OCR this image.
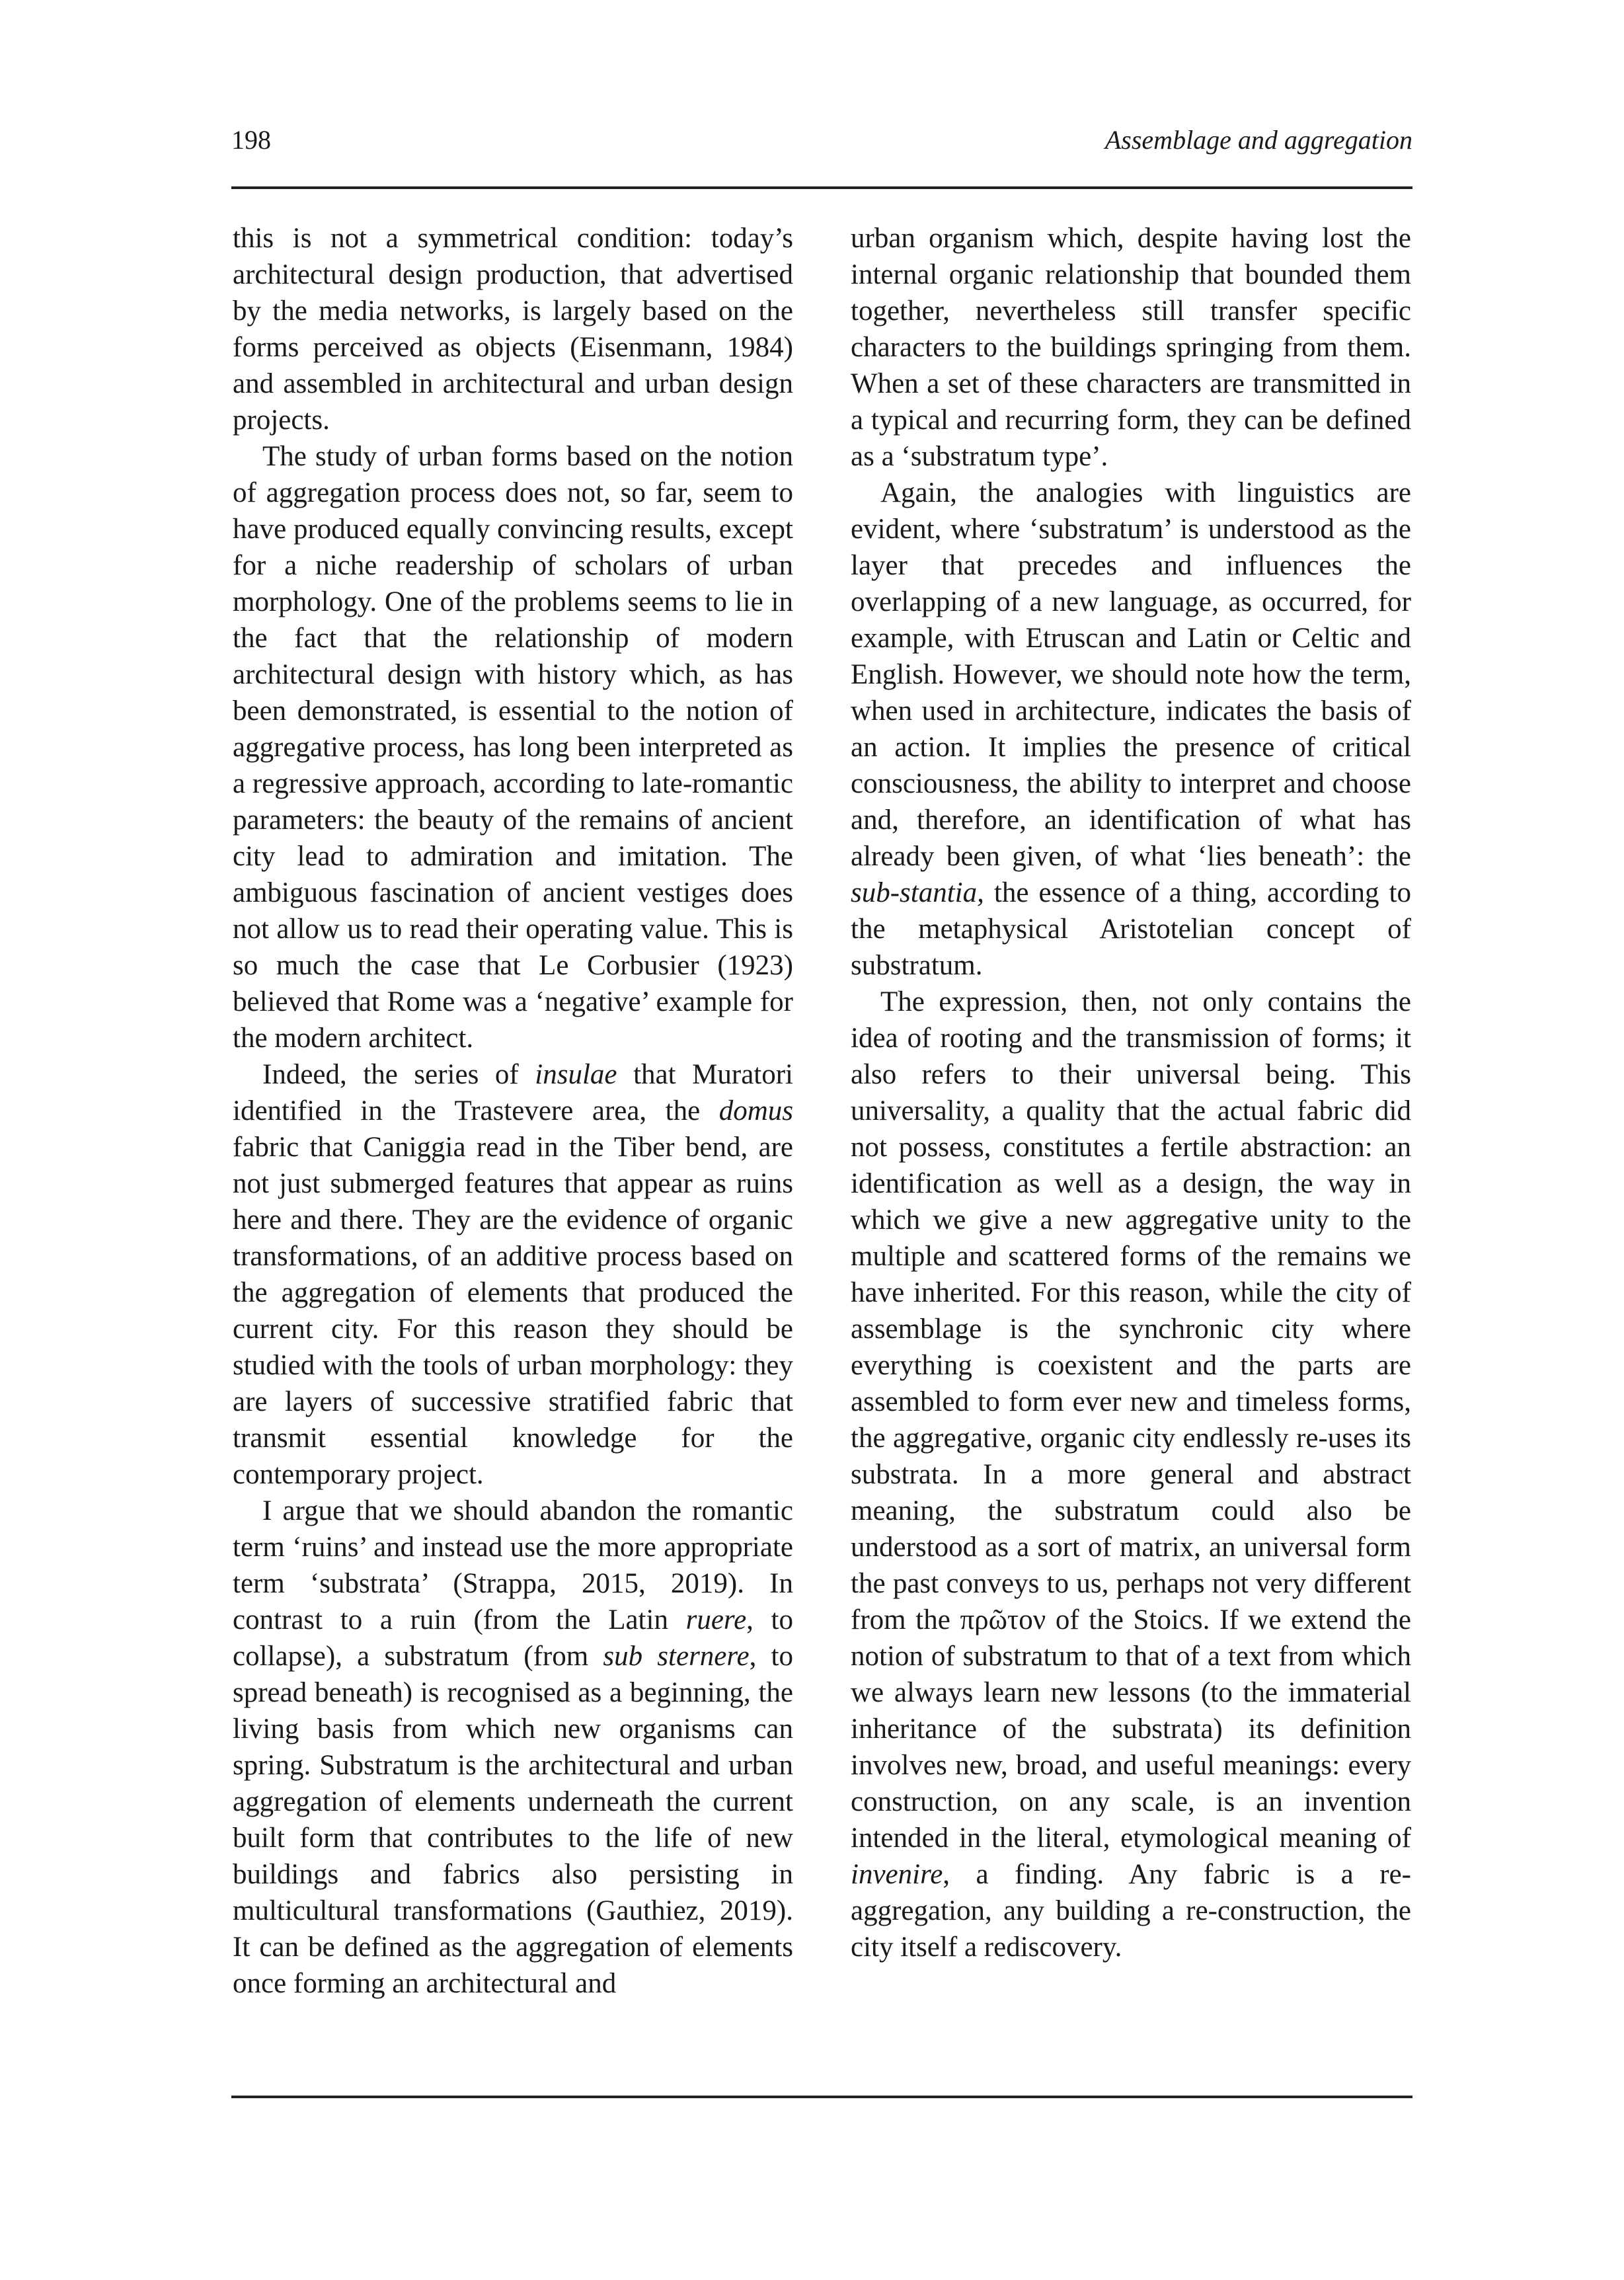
198	Assemblage and aggregation

this is not a symmetrical condition: today’s architectural design production, that advertised by the media networks, is largely based on the forms perceived as objects (Eisenmann, 1984) and assembled in architectural and urban design projects.

The study of urban forms based on the notion of aggregation process does not, so far, seem to have produced equally convincing results, except for a niche readership of scholars of urban morphology. One of the problems seems to lie in the fact that the relationship of modern architectural design with history which, as has been demonstrated, is essential to the notion of aggregative process, has long been interpreted as a regressive approach, according to late-romantic parameters: the beauty of the remains of ancient city lead to admiration and imitation. The ambiguous fascination of ancient vestiges does not allow us to read their operating value. This is so much the case that Le Corbusier (1923) believed that Rome was a ‘negative’ example for the modern architect.

Indeed, the series of insulae that Muratori identified in the Trastevere area, the domus fabric that Caniggia read in the Tiber bend, are not just submerged features that appear as ruins here and there. They are the evidence of organic transformations, of an additive process based on the aggregation of elements that produced the current city. For this reason they should be studied with the tools of urban morphology: they are layers of successive stratified fabric that transmit essential knowledge for the contemporary project.

I argue that we should abandon the romantic term ‘ruins’ and instead use the more appropriate term ‘substrata’ (Strappa, 2015, 2019). In contrast to a ruin (from the Latin ruere, to collapse), a substratum (from sub sternere, to spread beneath) is recognised as a beginning, the living basis from which new organisms can spring. Substratum is the architectural and urban aggregation of elements underneath the current built form that contributes to the life of new buildings and fabrics also persisting in multicultural transformations (Gauthiez, 2019). It can be defined as the aggregation of elements once forming an architectural and

urban organism which, despite having lost the internal organic relationship that bounded them together, nevertheless still transfer specific characters to the buildings springing from them. When a set of these characters are transmitted in a typical and recurring form, they can be defined as a ‘substratum type’.

Again, the analogies with linguistics are evident, where ‘substratum’ is understood as the layer that precedes and influences the overlapping of a new language, as occurred, for example, with Etruscan and Latin or Celtic and English. However, we should note how the term, when used in architecture, indicates the basis of an action. It implies the presence of critical consciousness, the ability to interpret and choose and, therefore, an identification of what has already been given, of what ‘lies beneath’: the sub-stantia, the essence of a thing, according to the metaphysical Aristotelian concept of substratum.

The expression, then, not only contains the idea of rooting and the transmission of forms; it also refers to their universal being. This universality, a quality that the actual fabric did not possess, constitutes a fertile abstraction: an identification as well as a design, the way in which we give a new aggregative unity to the multiple and scattered forms of the remains we have inherited. For this reason, while the city of assemblage is the synchronic city where everything is coexistent and the parts are assembled to form ever new and timeless forms, the aggregative, organic city endlessly re-uses its substrata. In a more general and abstract meaning, the substratum could also be understood as a sort of matrix, an universal form the past conveys to us, perhaps not very different from the πρῶτον of the Stoics. If we extend the notion of substratum to that of a text from which we always learn new lessons (to the immaterial inheritance of the substrata) its definition involves new, broad, and useful meanings: every construction, on any scale, is an invention intended in the literal, etymological meaning of invenire, a finding. Any fabric is a re-aggregation, any building a re-construction, the city itself a rediscovery.
